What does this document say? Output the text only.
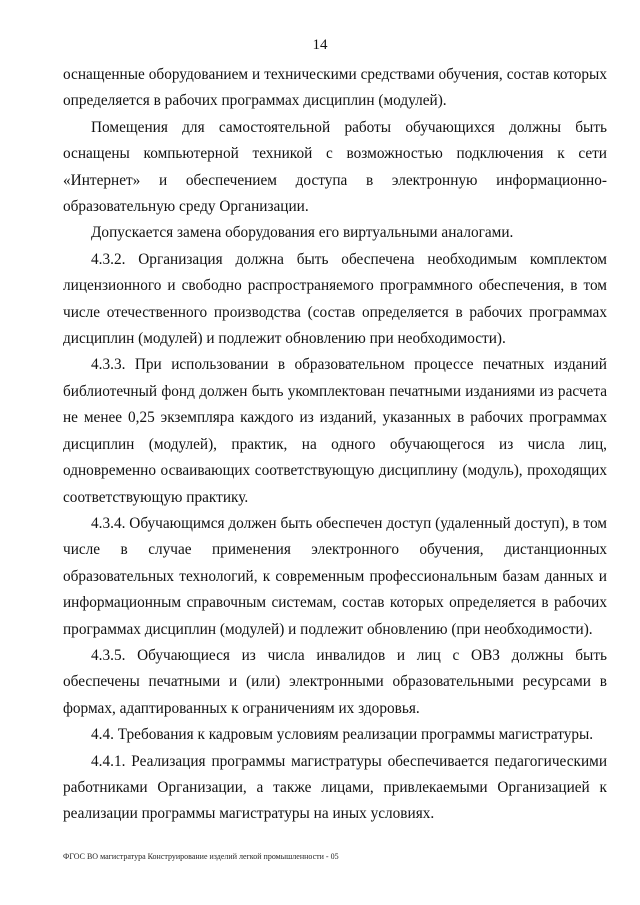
14

оснащенные оборудованием и техническими средствами обучения, состав которых определяется в рабочих программах дисциплин (модулей).

Помещения для самостоятельной работы обучающихся должны быть оснащены компьютерной техникой с возможностью подключения к сети «Интернет» и обеспечением доступа в электронную информационно-образовательную среду Организации.

Допускается замена оборудования его виртуальными аналогами.

4.3.2. Организация должна быть обеспечена необходимым комплектом лицензионного и свободно распространяемого программного обеспечения, в том числе отечественного производства (состав определяется в рабочих программах дисциплин (модулей) и подлежит обновлению при необходимости).

4.3.3. При использовании в образовательном процессе печатных изданий библиотечный фонд должен быть укомплектован печатными изданиями из расчета не менее 0,25 экземпляра каждого из изданий, указанных в рабочих программах дисциплин (модулей), практик, на одного обучающегося из числа лиц, одновременно осваивающих соответствующую дисциплину (модуль), проходящих соответствующую практику.

4.3.4. Обучающимся должен быть обеспечен доступ (удаленный доступ), в том числе в случае применения электронного обучения, дистанционных образовательных технологий, к современным профессиональным базам данных и информационным справочным системам, состав которых определяется в рабочих программах дисциплин (модулей) и подлежит обновлению (при необходимости).

4.3.5. Обучающиеся из числа инвалидов и лиц с ОВЗ должны быть обеспечены печатными и (или) электронными образовательными ресурсами в формах, адаптированных к ограничениям их здоровья.

4.4. Требования к кадровым условиям реализации программы магистратуры.

4.4.1. Реализация программы магистратуры обеспечивается педагогическими работниками Организации, а также лицами, привлекаемыми Организацией к реализации программы магистратуры на иных условиях.

ФГОС ВО магистратура Конструирование изделий легкой промышленности - 05
